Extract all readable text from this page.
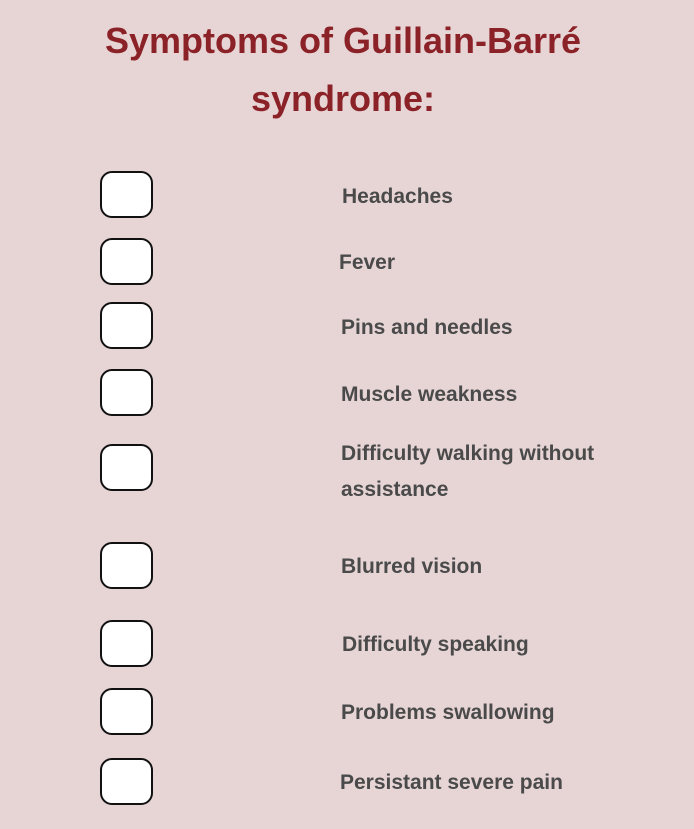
Symptoms of Guillain-Barré syndrome:
Headaches
Fever
Pins and needles
Muscle weakness
Difficulty walking without assistance
Blurred vision
Difficulty speaking
Problems swallowing
Persistant severe pain
